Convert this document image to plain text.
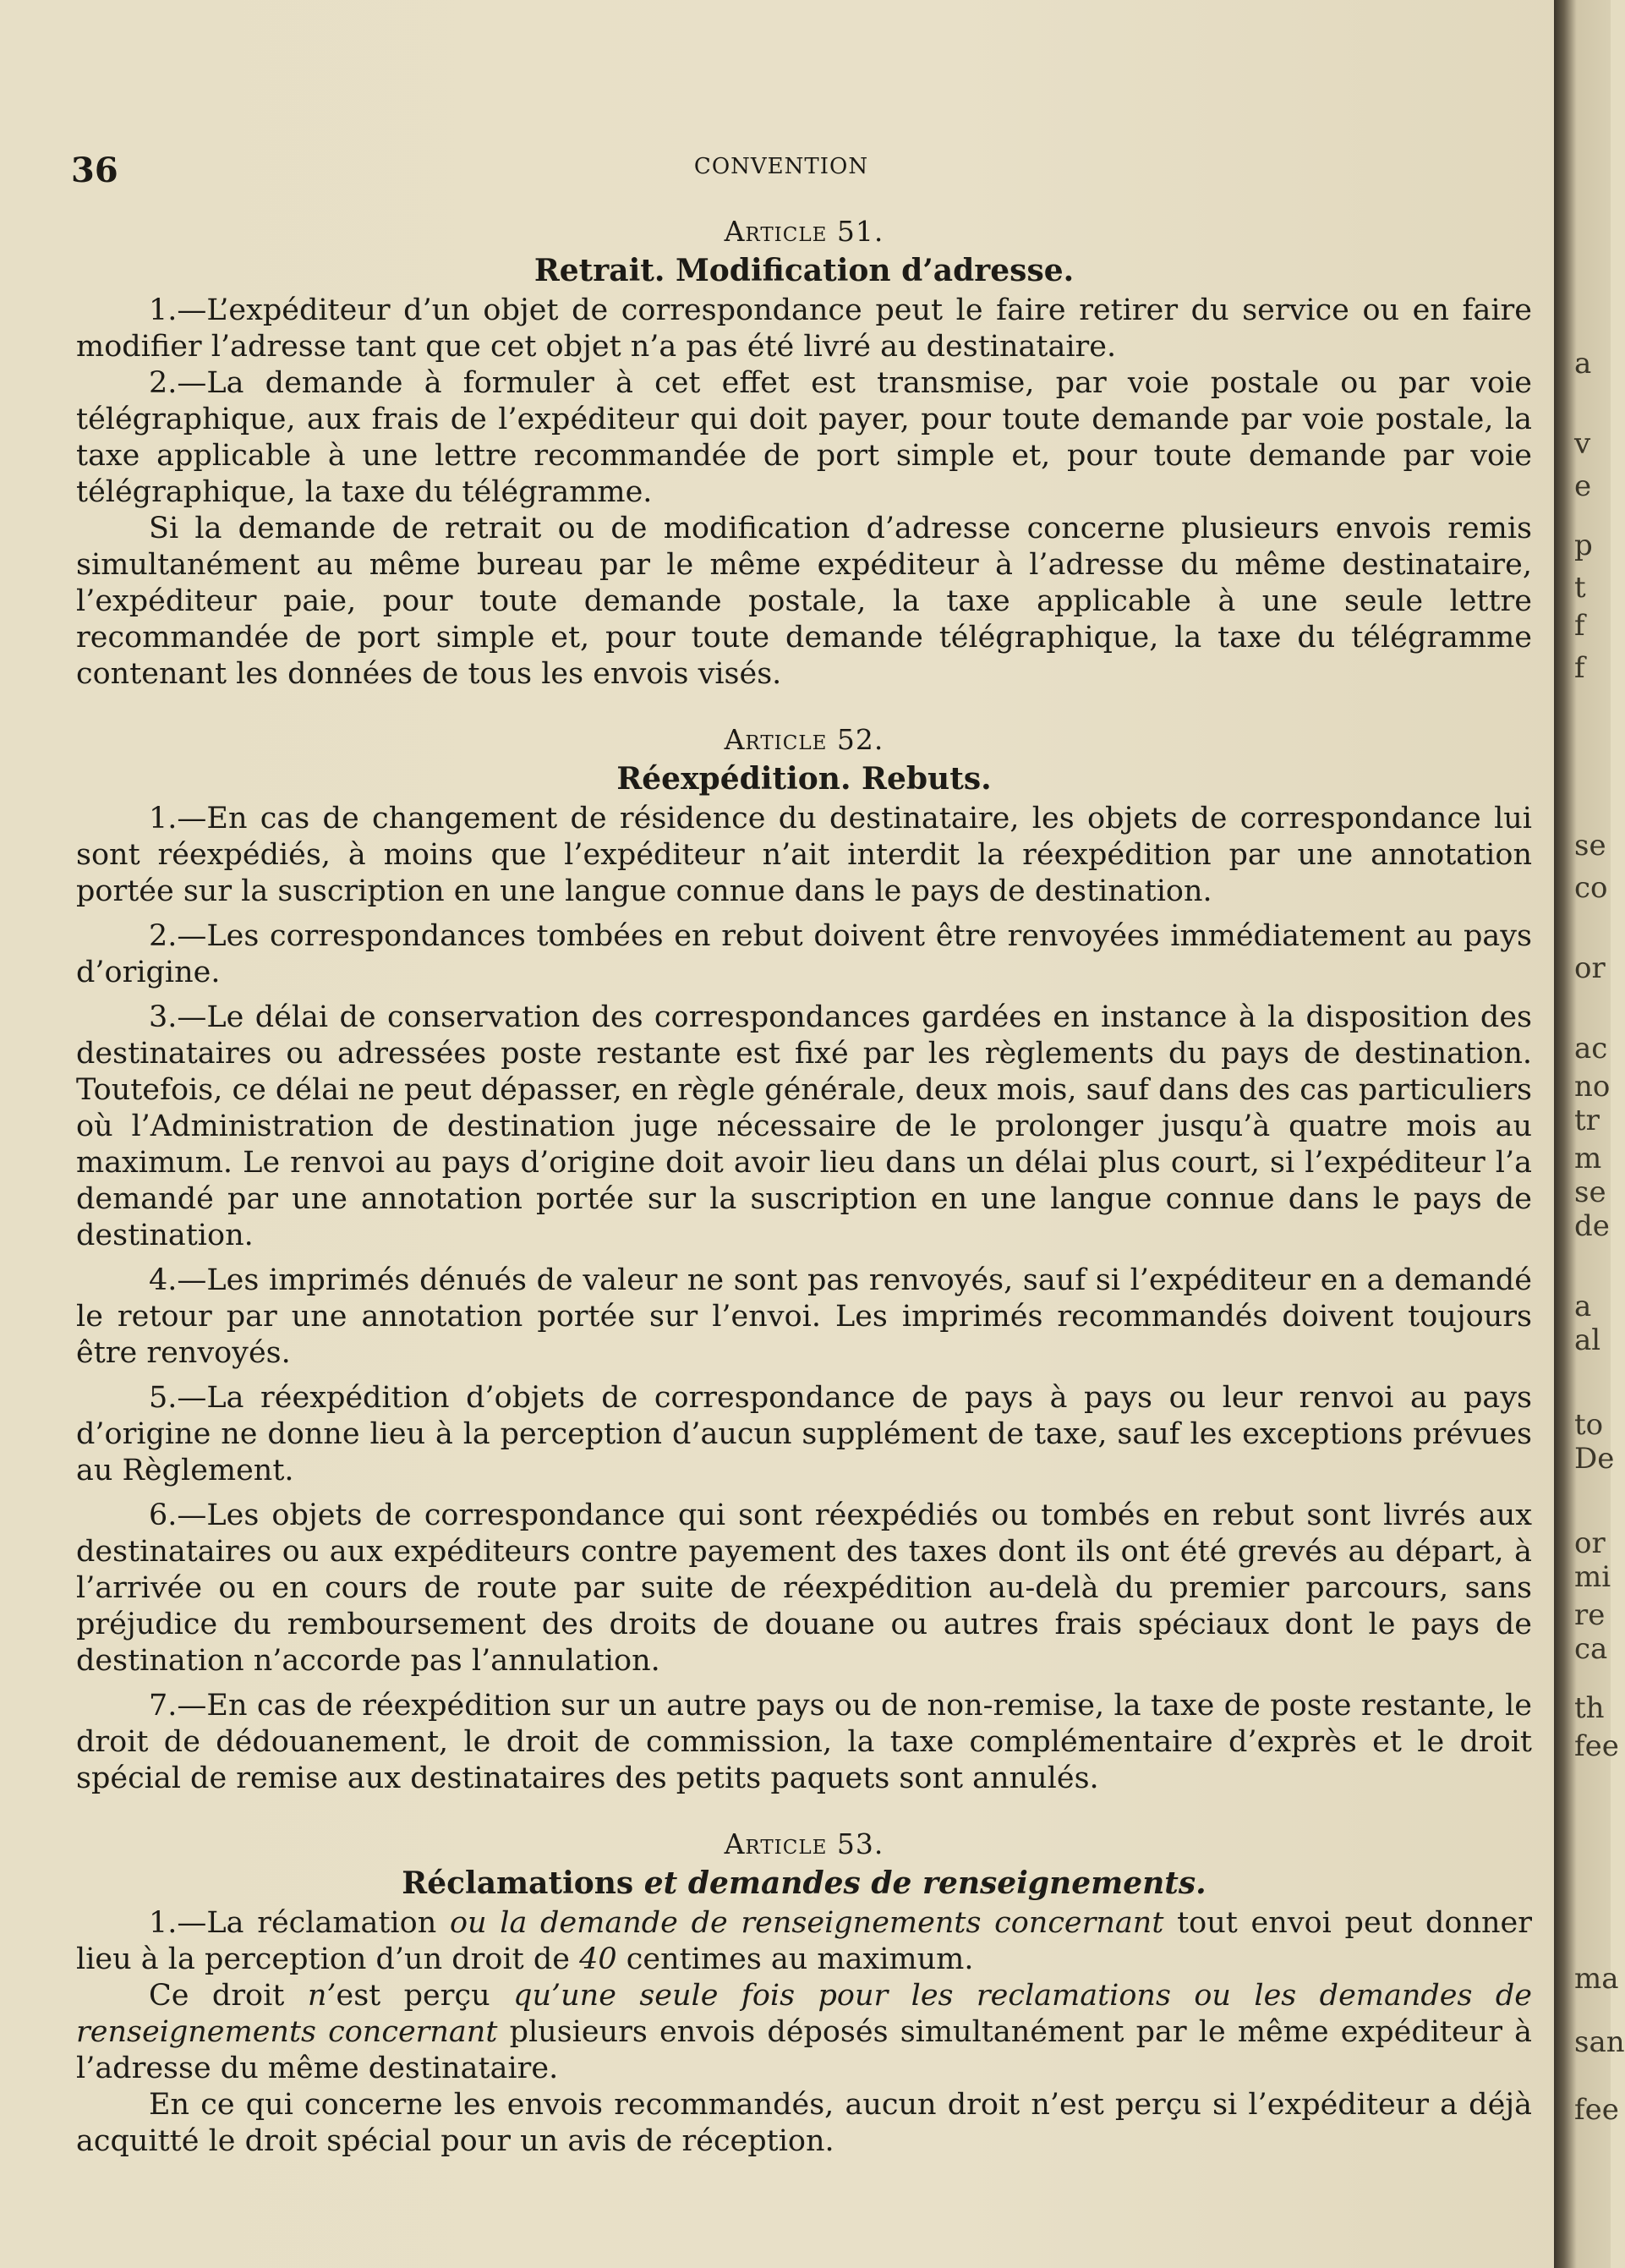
36	CONVENTION

Article 51.

Retrait. Modification d’adresse.

1.—L’expéditeur d’un objet de correspondance peut le faire retirer du service ou en faire modifier l’adresse tant que cet objet n’a pas été livré au destinataire.

2.—La demande à formuler à cet effet est transmise, par voie postale ou par voie télégraphique, aux frais de l’expéditeur qui doit payer, pour toute demande par voie postale, la taxe applicable à une lettre recommandée de port simple et, pour toute demande par voie télégraphique, la taxe du télégramme.

Si la demande de retrait ou de modification d’adresse concerne plusieurs envois remis simultanément au même bureau par le même expéditeur à l’adresse du même destinataire, l’expéditeur paie, pour toute demande postale, la taxe applicable à une seule lettre recommandée de port simple et, pour toute demande télégraphique, la taxe du télégramme contenant les données de tous les envois visés.

Article 52.

Réexpédition. Rebuts.

1.—En cas de changement de résidence du destinataire, les objets de correspondance lui sont réexpédiés, à moins que l’expéditeur n’ait interdit la réexpédition par une annotation portée sur la suscription en une langue connue dans le pays de destination.

2.—Les correspondances tombées en rebut doivent être renvoyées immédiatement au pays d’origine.

3.—Le délai de conservation des correspondances gardées en instance à la disposition des destinataires ou adressées poste restante est fixé par les règlements du pays de destination. Toutefois, ce délai ne peut dépasser, en règle générale, deux mois, sauf dans des cas particuliers où l’Administration de destination juge nécessaire de le prolonger jusqu’à quatre mois au maximum. Le renvoi au pays d’origine doit avoir lieu dans un délai plus court, si l’expéditeur l’a demandé par une annotation portée sur la suscription en une langue connue dans le pays de destination.

4.—Les imprimés dénués de valeur ne sont pas renvoyés, sauf si l’expéditeur en a demandé le retour par une annotation portée sur l’envoi. Les imprimés recommandés doivent toujours être renvoyés.

5.—La réexpédition d’objets de correspondance de pays à pays ou leur renvoi au pays d’origine ne donne lieu à la perception d’aucun supplément de taxe, sauf les exceptions prévues au Règlement.

6.—Les objets de correspondance qui sont réexpédiés ou tombés en rebut sont livrés aux destinataires ou aux expéditeurs contre payement des taxes dont ils ont été grevés au départ, à l’arrivée ou en cours de route par suite de réexpédition au-delà du premier parcours, sans préjudice du remboursement des droits de douane ou autres frais spéciaux dont le pays de destination n’accorde pas l’annulation.

7.—En cas de réexpédition sur un autre pays ou de non-remise, la taxe de poste restante, le droit de dédouanement, le droit de commission, la taxe complémentaire d’exprès et le droit spécial de remise aux destinataires des petits paquets sont annulés.

Article 53.

Réclamations et demandes de renseignements.

1.—La réclamation ou la demande de renseignements concernant tout envoi peut donner lieu à la perception d’un droit de 40 centimes au maximum.

Ce droit n’est perçu qu’une seule fois pour les reclamations ou les demandes de renseignements concernant plusieurs envois déposés simultanément par le même expéditeur à l’adresse du même destinataire.

En ce qui concerne les envois recommandés, aucun droit n’est perçu si l’expéditeur a déjà acquitté le droit spécial pour un avis de réception.

a
v
e
p
t
f
f
se
co
or
ac
no
tr
m
se
de
a
al
to
De
or
mi
re
ca
th
fee
ma
san
fee
